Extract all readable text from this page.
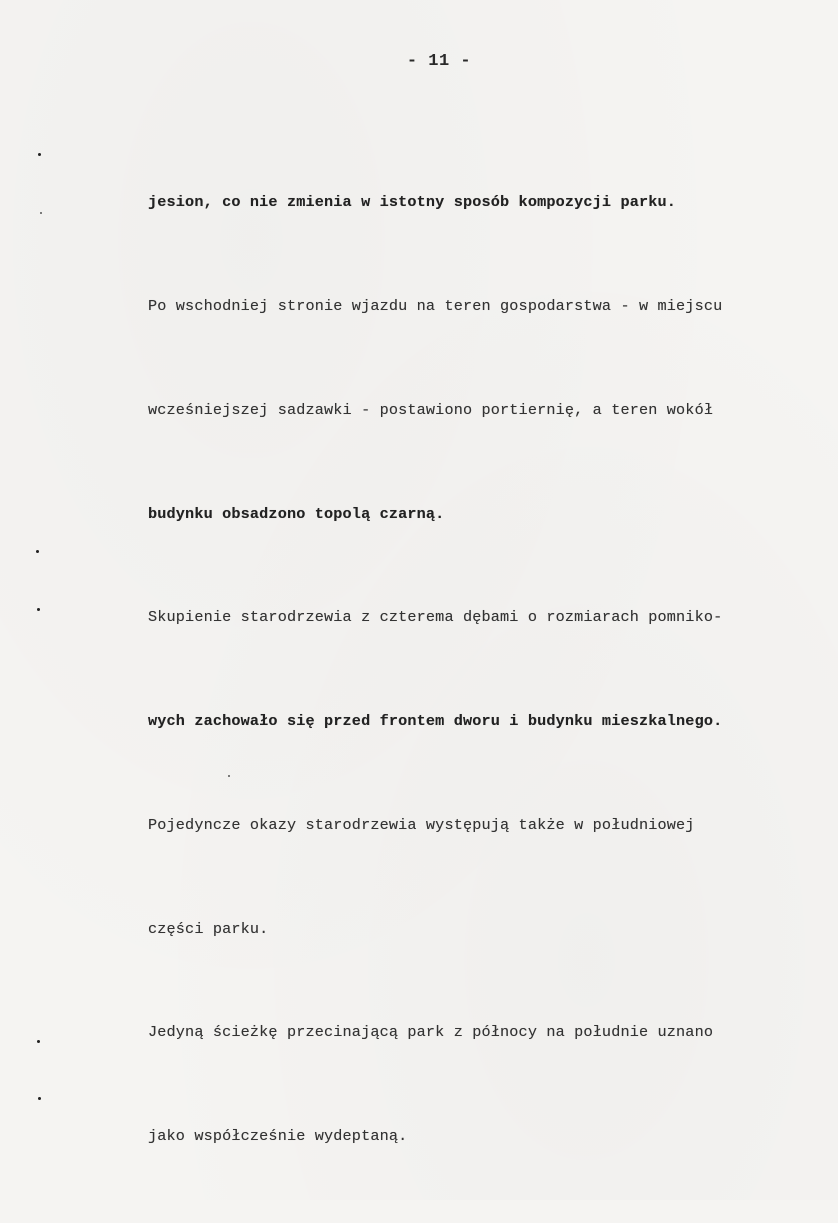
- 11 -

jesion, co nie zmienia w istotny sposób kompozycji parku.

Po wschodniej stronie wjazdu na teren gospodarstwa - w miejscu

wcześniejszej sadzawki - postawiono portiernię, a teren wokół

budynku obsadzono topolą czarną.

Skupienie starodrzewia z czterema dębami o rozmiarach pomniko-

wych zachowało się przed frontem dworu i budynku mieszkalnego.

Pojedyncze okazy starodrzewia występują także w południowej

części parku.

Jedyną ścieżkę przecinającą park z północy na południe uznano

jako współcześnie wydeptaną.
